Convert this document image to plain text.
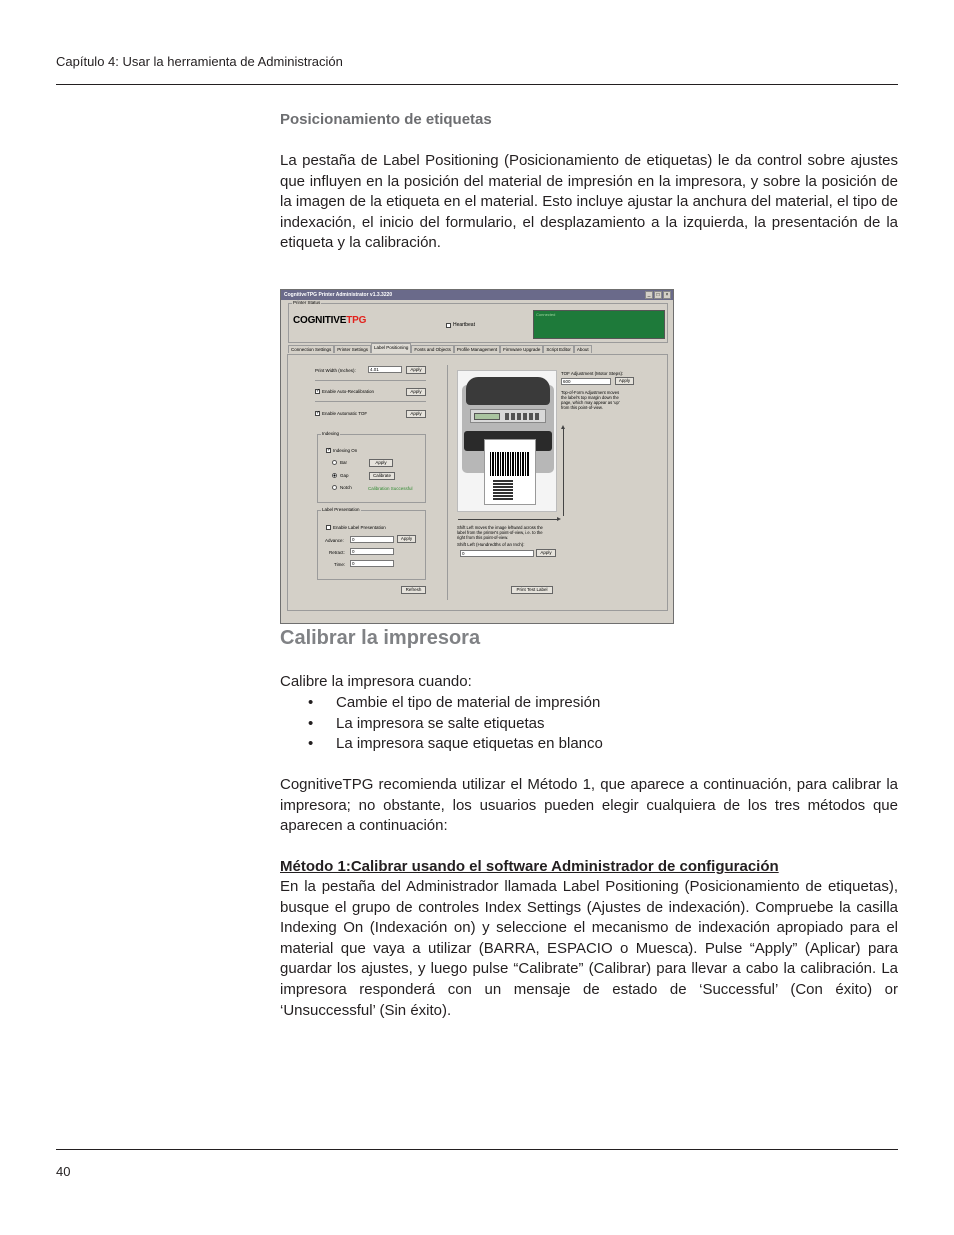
Capítulo 4: Usar la herramienta de Administración
Posicionamiento de etiquetas
La pestaña de Label Positioning (Posicionamiento de etiquetas) le da control sobre ajustes que influyen en la posición del material de impresión en la impresora, y sobre la posición de la imagen de la etiqueta en el material. Esto incluye ajustar la anchura del material, el tipo de indexación, el inicio del formulario, el desplazamiento a la izquierda, la presentación de la etiqueta y la calibración.
CognitiveTPG Printer Administrator v1.3.3220	_	□	×
Printer Status
COGNITIVETPG	Heartbeat
Connected
Connection Settings	Printer Settings	Label Positioning	Fonts and Objects	Profile Management	Firmware Upgrade	Script Editor	About
Print Width (Inches):	4.01	Apply
✓ Enable Auto-Recalibration	Apply
✓ Enable Automatic TOF	Apply
Indexing
✓ Indexing On
Bar	Apply
Gap	Calibrate
Notch	Calibration Successful
Label Presentation
Enable Label Presentation
Advance:	0	Apply
Retract:	0
Time:	0
Refresh
TOF Adjustment (Motor Steps):
600	Apply
Top-of-Form Adjustment moves
the label's top margin down the
page, which may appear as 'up'
from this point-of-view.
Shift Left moves the image leftward across the
label from the printer's point-of-view, i.e. to the
right from this point-of-view.
Shift Left (Hundredths of an Inch):
0	Apply
Print Test Label
Calibrar la impresora
Calibre la impresora cuando:
• Cambie el tipo de material de impresión
• La impresora se salte etiquetas
• La impresora saque etiquetas en blanco
CognitiveTPG recomienda utilizar el Método 1, que aparece a continuación, para calibrar la impresora; no obstante, los usuarios pueden elegir cualquiera de los tres métodos que aparecen a continuación:
Método 1:Calibrar usando el software Administrador de configuración
En la pestaña del Administrador llamada Label Positioning (Posicionamiento de etiquetas), busque el grupo de controles Index Settings (Ajustes de indexación). Compruebe la casilla Indexing On (Indexación on) y seleccione el mecanismo de indexación apropiado para el material que vaya a utilizar (BARRA, ESPACIO o Muesca). Pulse “Apply” (Aplicar) para guardar los ajustes, y luego pulse “Calibrate” (Calibrar) para llevar a cabo la calibración. La impresora responderá con un mensaje de estado de ‘Successful’ (Con éxito) or ‘Unsuccessful’ (Sin éxito).
40
